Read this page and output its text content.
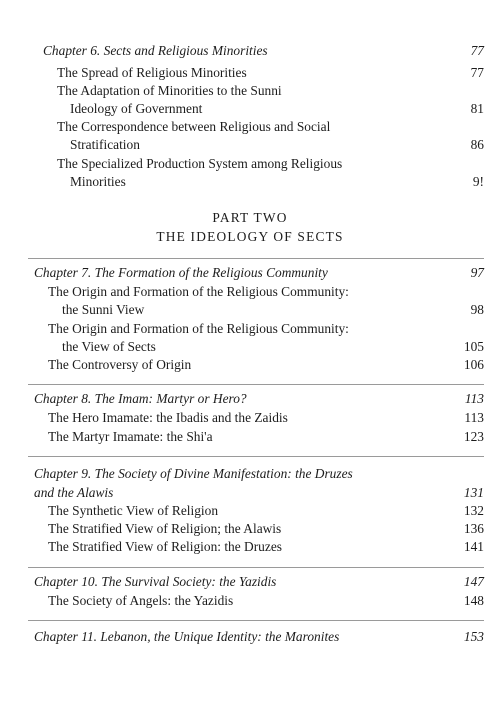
Chapter 6. Sects and Religious Minorities	77
The Spread of Religious Minorities	77
The Adaptation of Minorities to the Sunni
Ideology of Government	81
The Correspondence between Religious and Social
Stratification	86
The Specialized Production System among Religious
Minorities	9!
PART TWO
THE IDEOLOGY OF SECTS
Chapter 7. The Formation of the Religious Community	97
The Origin and Formation of the Religious Community:
the Sunni View	98
The Origin and Formation of the Religious Community:
the View of Sects	105
The Controversy of Origin	106
Chapter 8. The Imam: Martyr or Hero?	113
The Hero Imamate: the Ibadis and the Zaidis	113
The Martyr Imamate: the Shi'a	123
Chapter 9. The Society of Divine Manifestation: the Druzes
and the Alawis	131
The Synthetic View of Religion	132
The Stratified View of Religion; the Alawis	136
The Stratified View of Religion: the Druzes	141
Chapter 10. The Survival Society: the Yazidis	147
The Society of Angels: the Yazidis	148
Chapter 11. Lebanon, the Unique Identity: the Maronites	153
